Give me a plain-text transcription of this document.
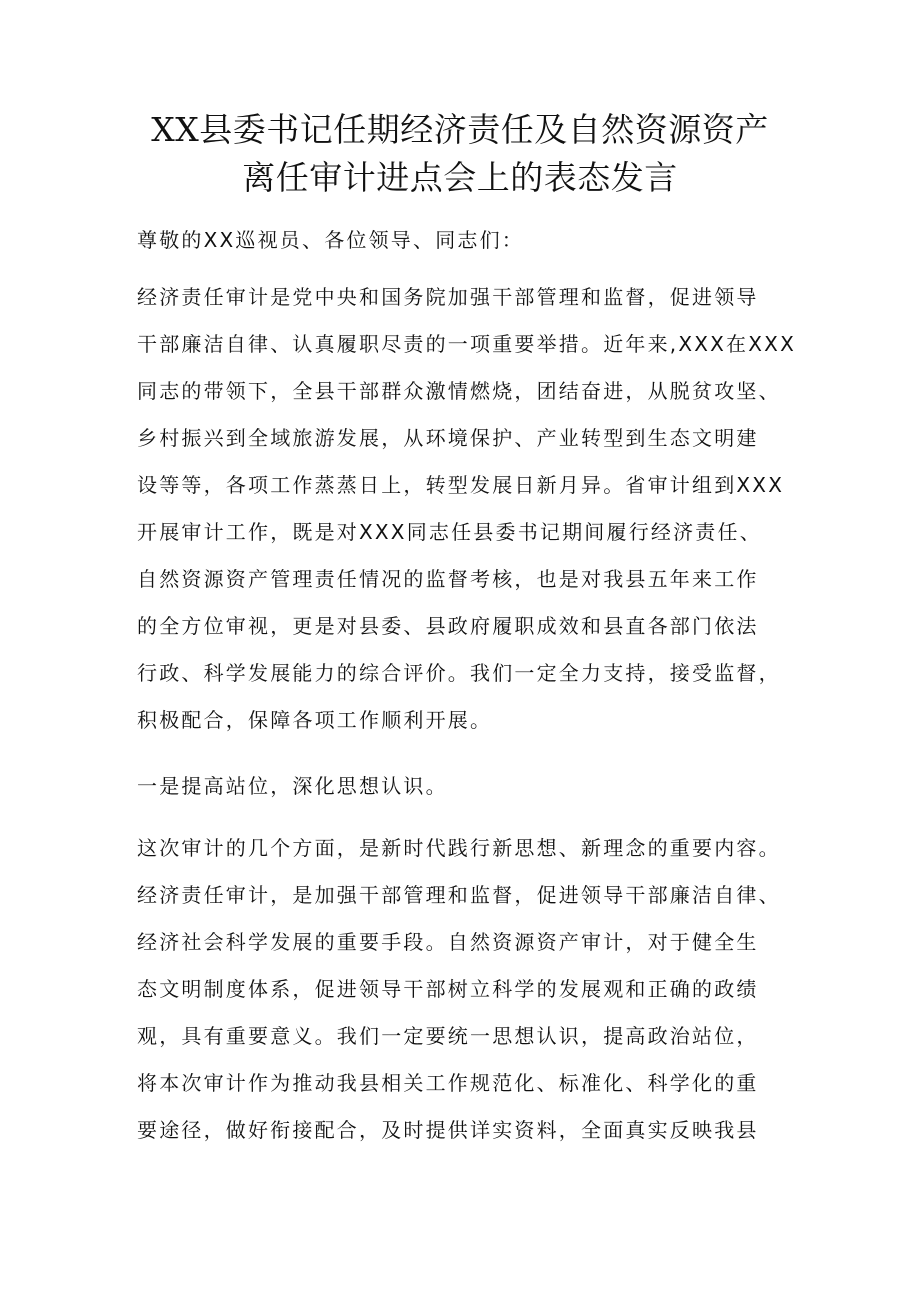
XX县委书记任期经济责任及自然资源资产
离任审计进点会上的表态发言
尊敬的XX巡视员、各位领导、同志们：
经济责任审计是党中央和国务院加强干部管理和监督，促进领导
干部廉洁自律、认真履职尽责的一项重要举措。近年来,XXX在XXX
同志的带领下，全县干部群众激情燃烧，团结奋进，从脱贫攻坚、
乡村振兴到全域旅游发展，从环境保护、产业转型到生态文明建
设等等，各项工作蒸蒸日上，转型发展日新月异。省审计组到XXX
开展审计工作，既是对XXX同志任县委书记期间履行经济责任、
自然资源资产管理责任情况的监督考核，也是对我县五年来工作
的全方位审视，更是对县委、县政府履职成效和县直各部门依法
行政、科学发展能力的综合评价。我们一定全力支持，接受监督，
积极配合，保障各项工作顺利开展。
一是提高站位，深化思想认识。
这次审计的几个方面，是新时代践行新思想、新理念的重要内容。
经济责任审计，是加强干部管理和监督，促进领导干部廉洁自律、
经济社会科学发展的重要手段。自然资源资产审计，对于健全生
态文明制度体系，促进领导干部树立科学的发展观和正确的政绩
观，具有重要意义。我们一定要统一思想认识，提高政治站位，
将本次审计作为推动我县相关工作规范化、标准化、科学化的重
要途径，做好衔接配合，及时提供详实资料，全面真实反映我县
